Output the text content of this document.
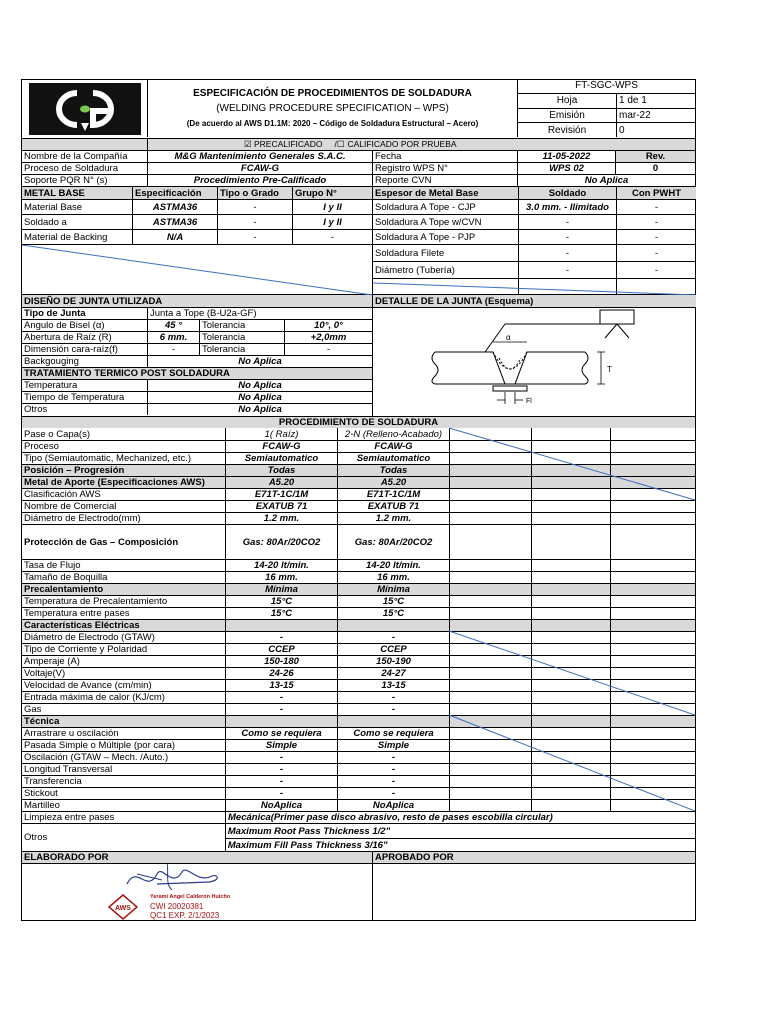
ESPECIFICACIÓN DE PROCEDIMIENTOS DE SOLDADURA
(WELDING PROCEDURE SPECIFICATION – WPS)
(De acuerdo al AWS D1.1M: 2020 – Código de Soldadura Estructural – Acero)
FT-SGC-WPS
Hoja	1 de 1
Emisión	mar-22
Revisión	0
☑ PRECALIFICADO /☐ CALIFICADO POR PRUEBA
Nombre de la Compañía	M&G Mantenimiento Generales S.A.C.	Fecha	11-05-2022	Rev.
Proceso de Soldadura	FCAW-G	Registro WPS N°	WPS 02	0
Soporte PQR N° (s)	Procedimiento Pre-Calificado	Reporte CVN	No Aplica
METAL BASE	Especificación	Tipo o Grado	Grupo N°
Material Base	ASTMA36	-	I y II
Soldado a	ASTMA36	-	I y II
Material de Backing	N/A	-	-
Espesor de Metal Base	Soldado	Con PWHT
Soldadura A Tope - CJP	3.0 mm. - Ilimitado	-
Soldadura A Tope w/CVN	-	-
Soldadura A Tope - PJP	-	-
Soldadura Filete	-	-
Diámetro (Tubería)	-	-
DISEÑO DE JUNTA UTILIZADA
Tipo de Junta	Junta a Tope (B-U2a-GF)
Angulo de Bisel (α)	45 °	Tolerancia	10°, 0°
Abertura de Raíz (R)	6 mm.	Tolerancia	+2,0mm
Dimensión cara-raíz(f)	-	Tolerancia	-
Backgouging	No Aplica
TRATAMIENTO TERMICO POST SOLDADURA
Temperatura	No Aplica
Tiempo de Temperatura	No Aplica
Otros	No Aplica
DETALLE DE LA JUNTA (Esquema)
α
T
Fl
PROCEDIMIENTO DE SOLDADURA
Pase o Capa(s)	1( Raíz)	2-N (Relleno-Acabado)
Proceso	FCAW-G	FCAW-G
Tipo (Semiautomatic, Mechanized, etc.)	Semiautomatico	Semiautomatico
Posición – Progresión	Todas	Todas
Metal de Aporte (Especificaciones AWS)	A5.20	A5.20
Clasificación AWS	E71T-1C/1M	E71T-1C/1M
Nombre de Comercial	EXATUB 71	EXATUB 71
Diámetro de Electrodo(mm)	1.2 mm.	1.2 mm.
Protección de Gas – Composición	Gas: 80Ar/20CO2	Gas: 80Ar/20CO2
Tasa de Flujo	14-20 lt/min.	14-20 lt/min.
Tamaño de Boquilla	16 mm.	16 mm.
Precalentamiento	Mínima	Mínima
Temperatura de Precalentamiento	15°C	15°C
Temperatura entre pases	15°C	15°C
Características Eléctricas
Diámetro de Electrodo (GTAW)	-	-
Tipo de Corriente y Polaridad	CCEP	CCEP
Amperaje (A)	150-180	150-190
Voltaje(V)	24-26	24-27
Velocidad de Avance (cm/min)	13-15	13-15
Entrada máxima de calor (KJ/cm)	-	-
Gas	-	-
Técnica
Arrastrare u oscilación	Como se requiera	Como se requiera
Pasada Simple o Múltiple (por cara)	Simple	Simple
Oscilación (GTAW – Mech. /Auto.)	-	-
Longitud Transversal	-	-
Transferencia	-	-
Stickout	-	-
Martilleo	NoAplica	NoAplica
Limpieza entre pases	Mecánica(Primer pase disco abrasivo, resto de pases escobilla circular)
Otros
Maximum Root Pass Thickness 1/2"
Maximum Fill Pass Thickness 3/16"
ELABORADO POR	APROBADO POR
AWS
Yerami Angel Calderon Huicho
CWI 20020381
QC1 EXP. 2/1/2023
